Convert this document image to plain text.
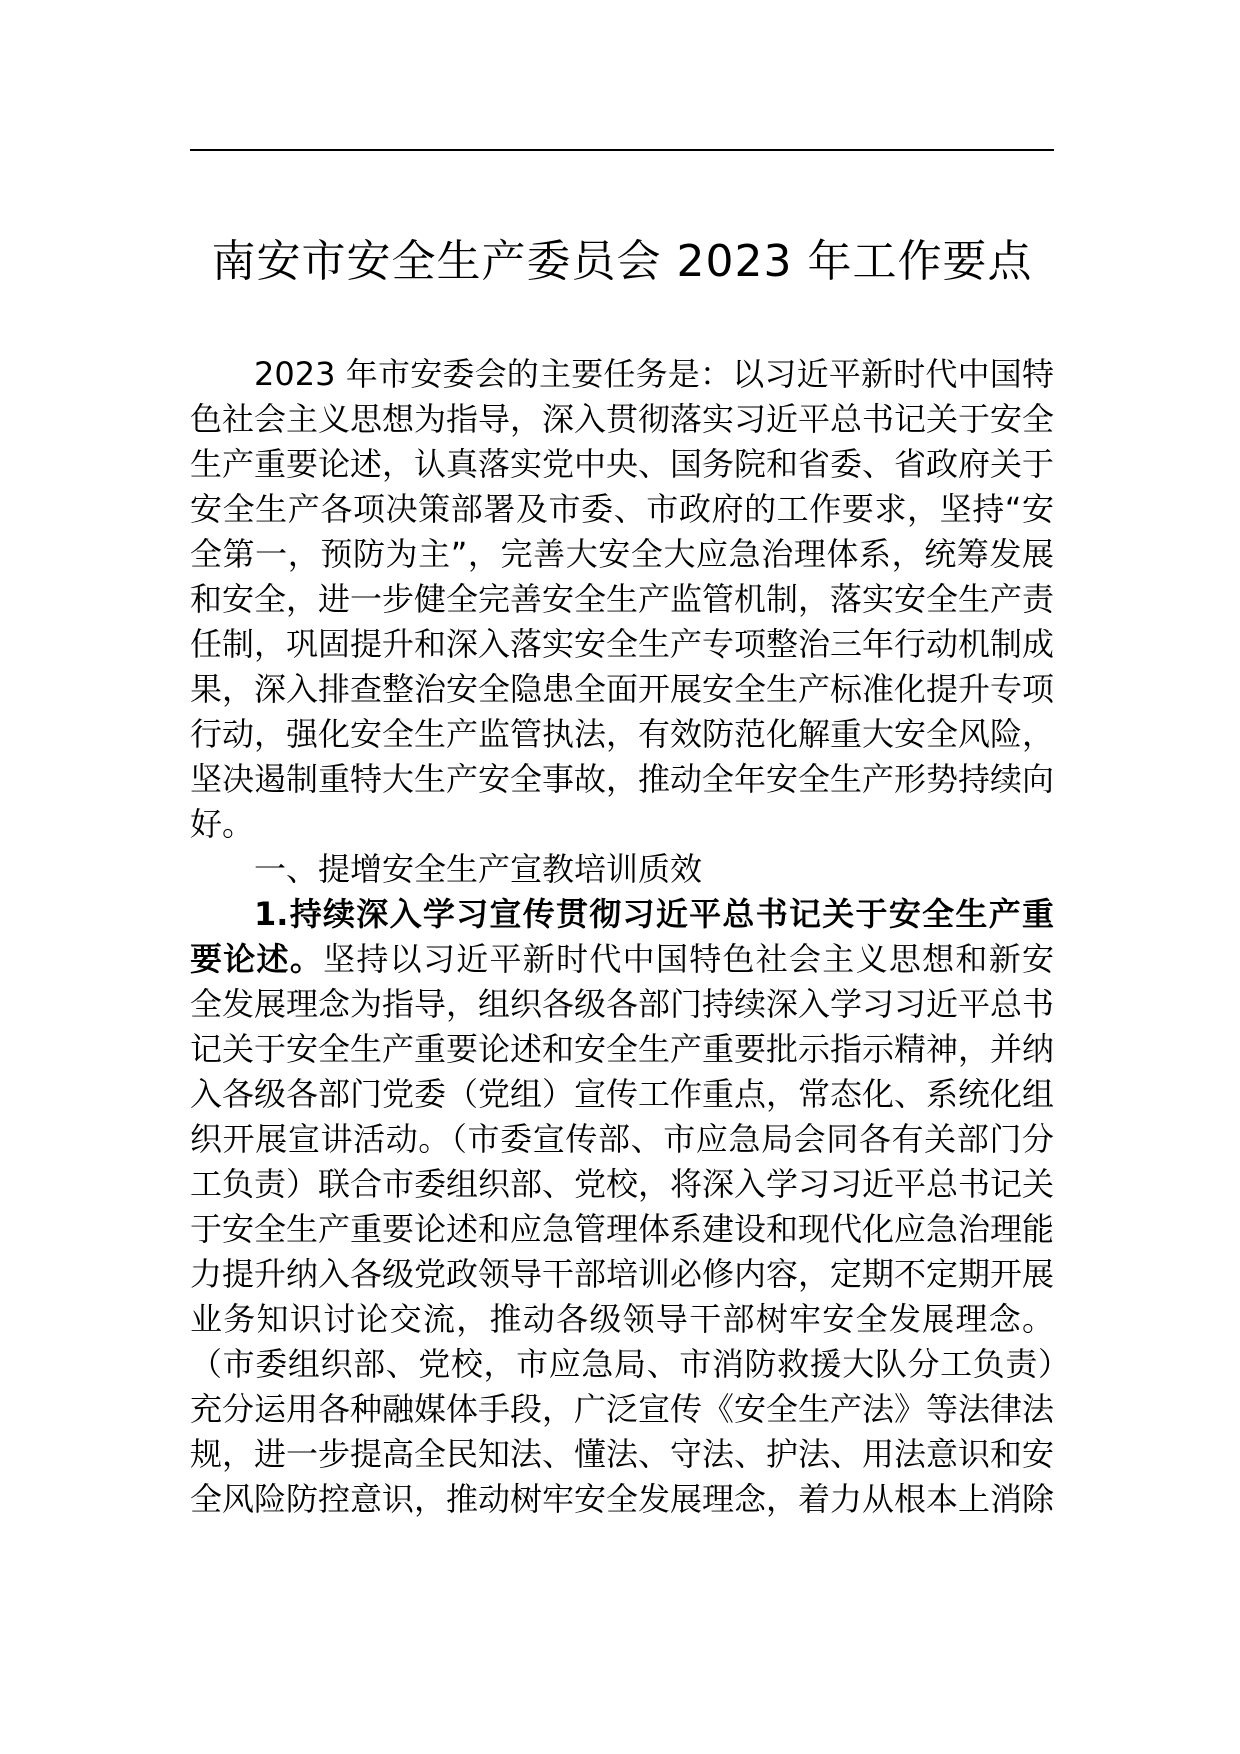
南安市安全生产委员会 2023 年工作要点

2023 年市安委会的主要任务是：以习近平新时代中国特色社会主义思想为指导，深入贯彻落实习近平总书记关于安全生产重要论述，认真落实党中央、国务院和省委、省政府关于安全生产各项决策部署及市委、市政府的工作要求，坚持“安全第一，预防为主”，完善大安全大应急治理体系，统筹发展和安全，进一步健全完善安全生产监管机制，落实安全生产责任制，巩固提升和深入落实安全生产专项整治三年行动机制成果，深入排查整治安全隐患全面开展安全生产标准化提升专项行动，强化安全生产监管执法，有效防范化解重大安全风险，坚决遏制重特大生产安全事故，推动全年安全生产形势持续向好。

一、提增安全生产宣教培训质效

1.持续深入学习宣传贯彻习近平总书记关于安全生产重要论述。坚持以习近平新时代中国特色社会主义思想和新安全发展理念为指导，组织各级各部门持续深入学习习近平总书记关于安全生产重要论述和安全生产重要批示指示精神，并纳入各级各部门党委（党组）宣传工作重点，常态化、系统化组织开展宣讲活动。（市委宣传部、市应急局会同各有关部门分工负责）联合市委组织部、党校，将深入学习习近平总书记关于安全生产重要论述和应急管理体系建设和现代化应急治理能力提升纳入各级党政领导干部培训必修内容，定期不定期开展业务知识讨论交流，推动各级领导干部树牢安全发展理念。（市委组织部、党校，市应急局、市消防救援大队分工负责）充分运用各种融媒体手段，广泛宣传《安全生产法》等法律法规，进一步提高全民知法、懂法、守法、护法、用法意识和安全风险防控意识，推动树牢安全发展理念，着力从根本上消除
